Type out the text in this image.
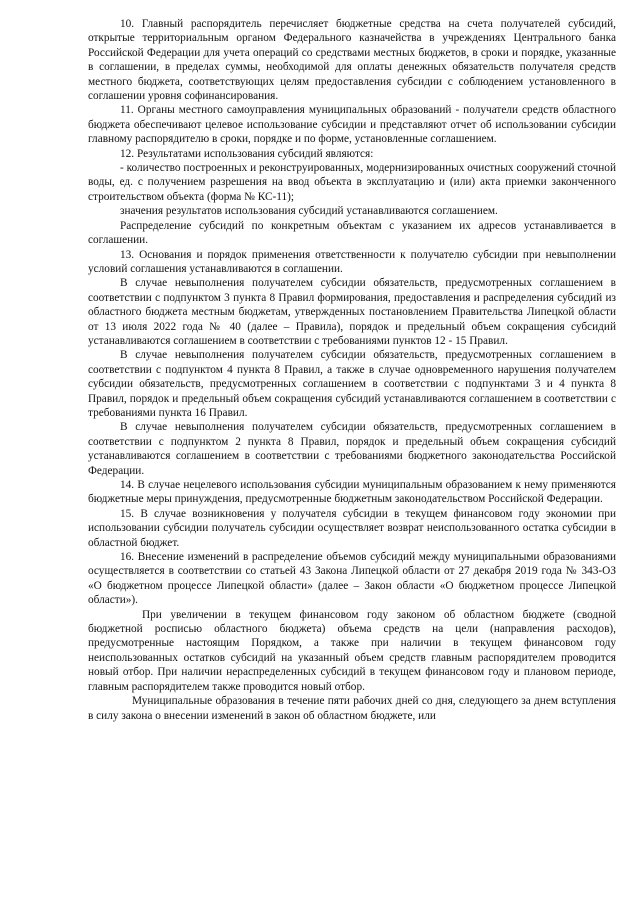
10. Главный распорядитель перечисляет бюджетные средства на счета получателей субсидий, открытые территориальным органом Федерального казначейства в учреждениях Центрального банка Российской Федерации для учета операций со средствами местных бюджетов, в сроки и порядке, указанные в соглашении, в пределах суммы, необходимой для оплаты денежных обязательств получателя средств местного бюджета, соответствующих целям предоставления субсидии с соблюдением установленного в соглашении уровня софинансирования.

11. Органы местного самоуправления муниципальных образований - получатели средств областного бюджета обеспечивают целевое использование субсидии и представляют отчет об использовании субсидии главному распорядителю в сроки, порядке и по форме, установленные соглашением.

12. Результатами использования субсидий являются:

- количество построенных и реконструированных, модернизированных очистных сооружений сточной воды, ед. с получением разрешения на ввод объекта в эксплуатацию и (или) акта приемки законченного строительством объекта (форма № КС-11);

значения результатов использования субсидий устанавливаются соглашением.

Распределение субсидий по конкретным объектам с указанием их адресов устанавливается в соглашении.

13. Основания и порядок применения ответственности к получателю субсидии при невыполнении условий соглашения устанавливаются в соглашении.

В случае невыполнения получателем субсидии обязательств, предусмотренных соглашением в соответствии с подпунктом 3 пункта 8 Правил формирования, предоставления и распределения субсидий из областного бюджета местным бюджетам, утвержденных постановлением Правительства Липецкой области от 13 июля 2022 года № 40 (далее – Правила), порядок и предельный объем сокращения субсидий устанавливаются соглашением в соответствии с требованиями пунктов 12 - 15 Правил.

В случае невыполнения получателем субсидии обязательств, предусмотренных соглашением в соответствии с подпунктом 4 пункта 8 Правил, а также в случае одновременного нарушения получателем субсидии обязательств, предусмотренных соглашением в соответствии с подпунктами 3 и 4 пункта 8 Правил, порядок и предельный объем сокращения субсидий устанавливаются соглашением в соответствии с требованиями пункта 16 Правил.

В случае невыполнения получателем субсидии обязательств, предусмотренных соглашением в соответствии с подпунктом 2 пункта 8 Правил, порядок и предельный объем сокращения субсидий устанавливаются соглашением в соответствии с требованиями бюджетного законодательства Российской Федерации.

14. В случае нецелевого использования субсидии муниципальным образованием к нему применяются бюджетные меры принуждения, предусмотренные бюджетным законодательством Российской Федерации.

15. В случае возникновения у получателя субсидии в текущем финансовом году экономии при использовании субсидии получатель субсидии осуществляет возврат неиспользованного остатка субсидии в областной бюджет.

16. Внесение изменений в распределение объемов субсидий между муниципальными образованиями осуществляется в соответствии со статьей 43 Закона Липецкой области от 27 декабря 2019 года № 343-ОЗ «О бюджетном процессе Липецкой области» (далее – Закон области «О бюджетном процессе Липецкой области»).

При увеличении в текущем финансовом году законом об областном бюджете (сводной бюджетной росписью областного бюджета) объема средств на цели (направления расходов), предусмотренные настоящим Порядком, а также при наличии в текущем финансовом году неиспользованных остатков субсидий на указанный объем средств главным распорядителем проводится новый отбор. При наличии нераспределенных субсидий в текущем финансовом году и плановом периоде, главным распорядителем также проводится новый отбор.

Муниципальные образования в течение пяти рабочих дней со дня, следующего за днем вступления в силу закона о внесении изменений в закон об областном бюджете, или
